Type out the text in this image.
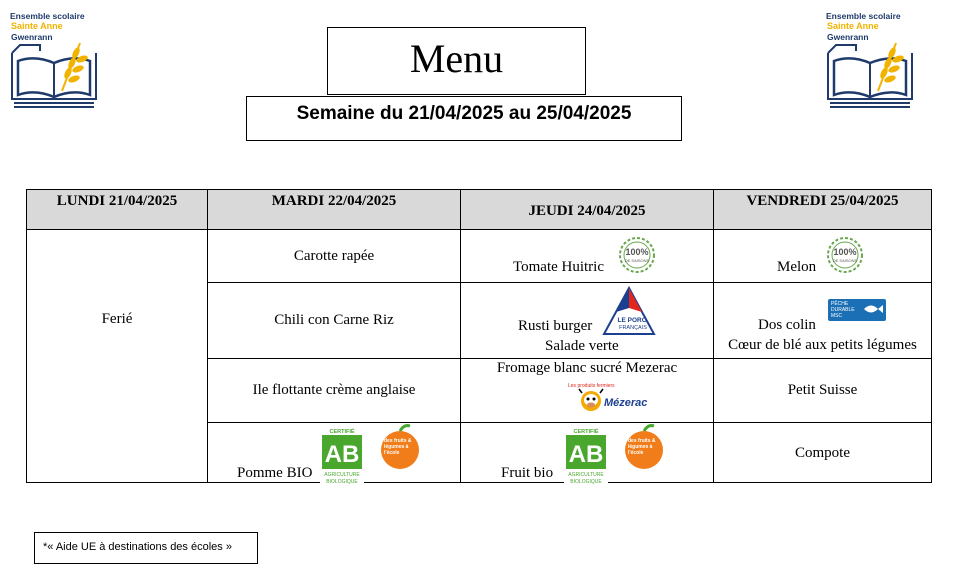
Ensemble scolaire
Sainte Anne
Gwenrann
Ensemble scolaire
Sainte Anne
Gwenrann
Menu
Semaine du 21/04/2025 au 25/04/2025
LUNDI 21/04/2025	MARDI 22/04/2025
JEUDI 24/04/2025
VENDREDI 25/04/2025
Ferié
Carotte rapée
Chili con Carne Riz
Ile flottante crème anglaise
Pomme BIO
Tomate Huitric
Rusti burger
Salade verte
Fromage blanc sucré Mezerac
Fruit bio
Melon
Dos colin
Cœur de blé aux petits légumes
Petit Suisse
Compote
100%
DE SAISONS
100%
DE SAISONS
LE PORC
FRANÇAIS
PÊCHE
DURABLE
MSC
Les produits fermiers
Mézerac
CERTIFIÉ
AB
AGRICULTURE
BIOLOGIQUE
CERTIFIÉ
AB
AGRICULTURE
BIOLOGIQUE
des fruits & légumes à l'école
des fruits & légumes à l'école
*« Aide UE à destinations des écoles »
